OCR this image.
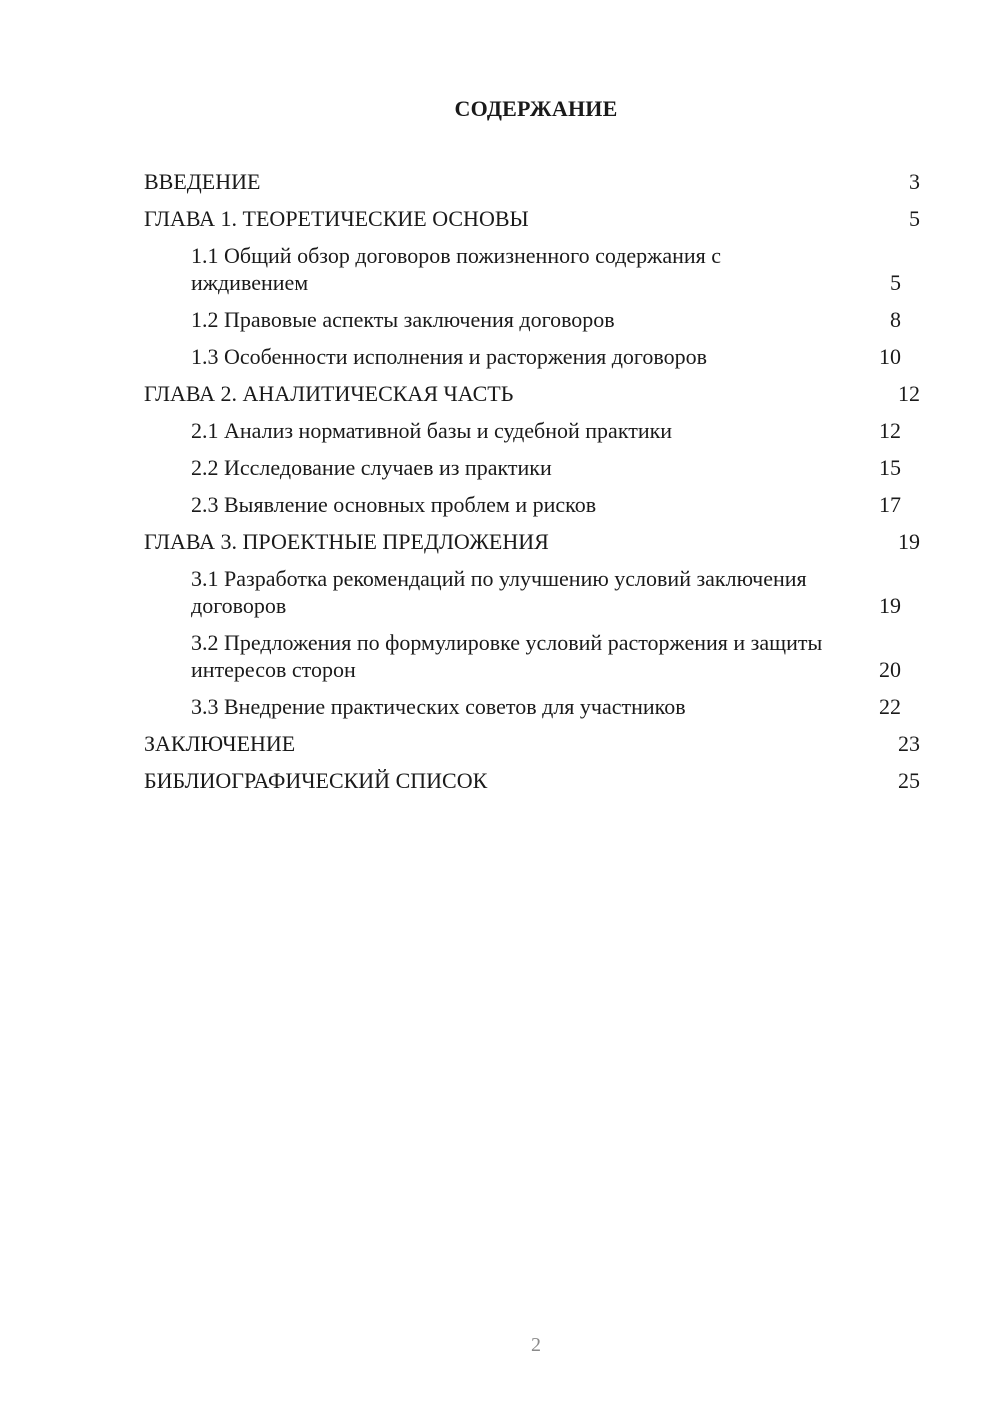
СОДЕРЖАНИЕ
ВВЕДЕНИЕ	3
ГЛАВА 1. ТЕОРЕТИЧЕСКИЕ ОСНОВЫ	5
1.1 Общий обзор договоров пожизненного содержания с иждивением	5
1.2 Правовые аспекты заключения договоров	8
1.3 Особенности исполнения и расторжения договоров	10
ГЛАВА 2. АНАЛИТИЧЕСКАЯ ЧАСТЬ	12
2.1 Анализ нормативной базы и судебной практики	12
2.2 Исследование случаев из практики	15
2.3 Выявление основных проблем и рисков	17
ГЛАВА 3. ПРОЕКТНЫЕ ПРЕДЛОЖЕНИЯ	19
3.1 Разработка рекомендаций по улучшению условий заключения договоров	19
3.2 Предложения по формулировке условий расторжения и защиты интересов сторон	20
3.3 Внедрение практических советов для участников	22
ЗАКЛЮЧЕНИЕ	23
БИБЛИОГРАФИЧЕСКИЙ СПИСОК	25
2
